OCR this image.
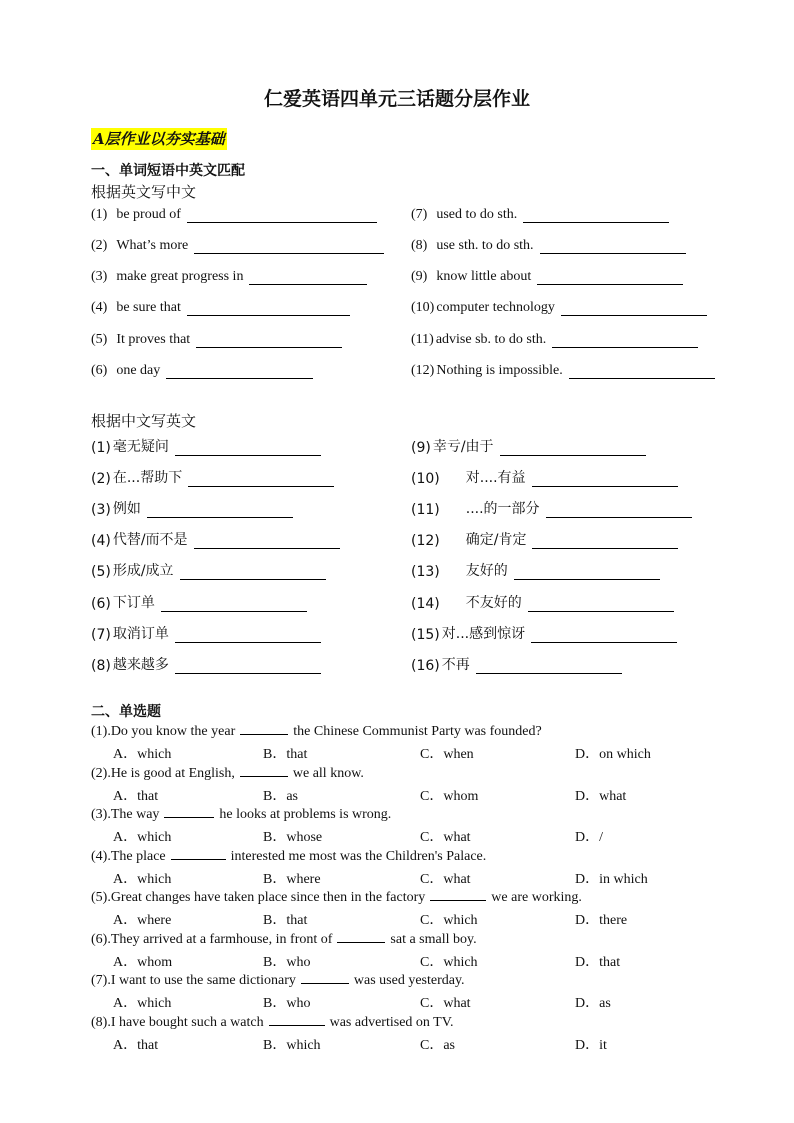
仁爱英语四单元三话题分层作业
A层作业以夯实基础
一、单词短语中英文匹配
根据英文写中文
(1) be proud of	(7) used to do sth.
(2) What’s more	(8) use sth. to do sth.
(3) make great progress in	(9) know little about
(4) be sure that	(10) computer technology
(5) It proves that	(11) advise sb. to do sth.
(6) one day	(12) Nothing is impossible.
根据中文写英文
(1) 毫无疑问	(9) 幸亏/由于
(2) 在...帮助下	(10) 对....有益
(3) 例如	(11) ....的一部分
(4) 代替/而不是	(12) 确定/肯定
(5) 形成/成立	(13) 友好的
(6) 下订单	(14) 不友好的
(7) 取消订单	(15) 对...感到惊讶
(8) 越来越多	(16) 不再
二、单选题
(1).Do you know the year	the Chinese Communist Party was founded?
A．which	B．that	C．when	D．on which
(2).He is good at English,	we all know.
A．that	B．as	C．whom	D．what
(3).The way	he looks at problems is wrong.
A．which	B．whose	C．what	D．/
(4).The place	interested me most was the Children's Palace.
A．which	B．where	C．what	D．in which
(5).Great changes have taken place since then in the factory	we are working.
A．where	B．that	C．which	D．there
(6).They arrived at a farmhouse, in front of	sat a small boy.
A．whom	B．who	C．which	D．that
(7).I want to use the same dictionary	was used yesterday.
A．which	B．who	C．what	D．as
(8).I have bought such a watch	was advertised on TV.
A．that	B．which	C．as	D．it
